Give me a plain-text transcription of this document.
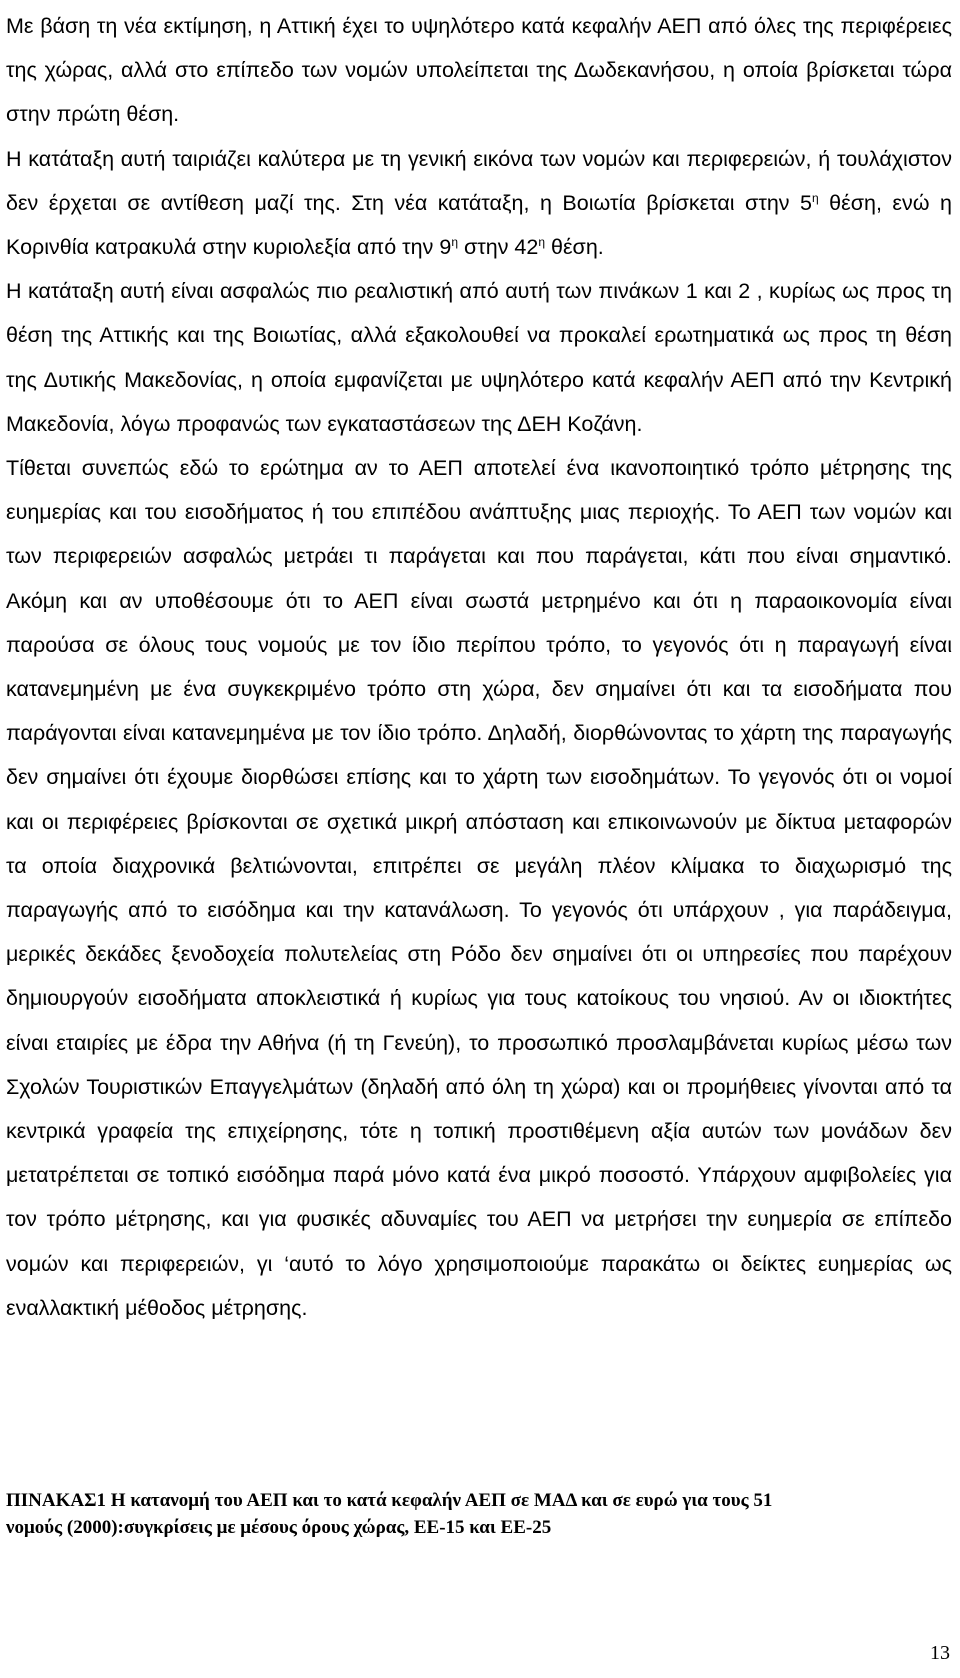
Με βάση τη νέα εκτίμηση, η Αττική έχει το υψηλότερο κατά κεφαλήν ΑΕΠ από όλες της περιφέρειες της χώρας, αλλά στο επίπεδο των νομών υπολείπεται της Δωδεκανήσου, η οποία βρίσκεται τώρα στην πρώτη θέση.

Η κατάταξη αυτή ταιριάζει καλύτερα με τη γενική εικόνα των νομών και περιφερειών, ή τουλάχιστον δεν έρχεται σε αντίθεση μαζί της. Στη νέα κατάταξη, η Βοιωτία βρίσκεται στην $5^\eta$ θέση, ενώ η Κορινθία κατρακυλά στην κυριολεξία από την $9^\eta$ στην $42^\eta$ θέση.

Η κατάταξη αυτή είναι ασφαλώς πιο ρεαλιστική από αυτή των πινάκων 1 και 2 , κυρίως ως προς τη θέση της Αττικής και της Βοιωτίας, αλλά εξακολουθεί να προκαλεί ερωτηματικά ως προς τη θέση της Δυτικής Μακεδονίας, η οποία εμφανίζεται με υψηλότερο κατά κεφαλήν ΑΕΠ από την Κεντρική Μακεδονία, λόγω προφανώς των εγκαταστάσεων της ΔΕΗ Κοζάνη.

Τίθεται συνεπώς εδώ το ερώτημα αν το ΑΕΠ αποτελεί ένα ικανοποιητικό τρόπο μέτρησης της ευημερίας και του εισοδήματος ή του επιπέδου ανάπτυξης μιας περιοχής. Το ΑΕΠ των νομών και των περιφερειών ασφαλώς μετράει τι παράγεται και που παράγεται, κάτι που είναι σημαντικό. Ακόμη και αν υποθέσουμε ότι το ΑΕΠ είναι σωστά μετρημένο και ότι η παραοικονομία είναι παρούσα σε όλους τους νομούς με τον ίδιο περίπου τρόπο, το γεγονός ότι η παραγωγή είναι κατανεμημένη με ένα συγκεκριμένο τρόπο στη χώρα, δεν σημαίνει ότι και τα εισοδήματα που παράγονται είναι κατανεμημένα με τον ίδιο τρόπο. Δηλαδή, διορθώνοντας το χάρτη της παραγωγής δεν σημαίνει ότι έχουμε διορθώσει επίσης και το χάρτη των εισοδημάτων. Το γεγονός ότι οι νομοί και οι περιφέρειες βρίσκονται σε σχετικά μικρή απόσταση και επικοινωνούν με δίκτυα μεταφορών τα οποία διαχρονικά βελτιώνονται, επιτρέπει σε μεγάλη πλέον κλίμακα το διαχωρισμό της παραγωγής από το εισόδημα και την κατανάλωση. Το γεγονός ότι υπάρχουν , για παράδειγμα, μερικές δεκάδες ξενοδοχεία πολυτελείας στη Ρόδο δεν σημαίνει ότι οι υπηρεσίες που παρέχουν δημιουργούν εισοδήματα αποκλειστικά ή κυρίως για τους κατοίκους του νησιού. Αν οι ιδιοκτήτες είναι εταιρίες με έδρα την Αθήνα (ή τη Γενεύη), το προσωπικό προσλαμβάνεται κυρίως μέσω των Σχολών Τουριστικών Επαγγελμάτων (δηλαδή από όλη τη χώρα) και οι προμήθειες γίνονται από τα κεντρικά γραφεία της επιχείρησης, τότε η τοπική προστιθέμενη αξία αυτών των μονάδων δεν μετατρέπεται σε τοπικό εισόδημα παρά μόνο κατά ένα μικρό ποσοστό. Υπάρχουν αμφιβολείες για τον τρόπο μέτρησης, και για φυσικές αδυναμίες του ΑΕΠ να μετρήσει την ευημερία σε επίπεδο νομών και περιφερειών, γι ‘αυτό το λόγο χρησιμοποιούμε παρακάτω οι δείκτες ευημερίας ως εναλλακτική μέθοδος μέτρησης.

ΠΙΝΑΚΑΣ1 Η κατανομή του ΑΕΠ και το κατά κεφαλήν ΑΕΠ σε ΜΑΔ και σε ευρώ για τους 51

νομούς (2000):συγκρίσεις με μέσους όρους χώρας, ΕΕ-15 και ΕΕ-25

13
